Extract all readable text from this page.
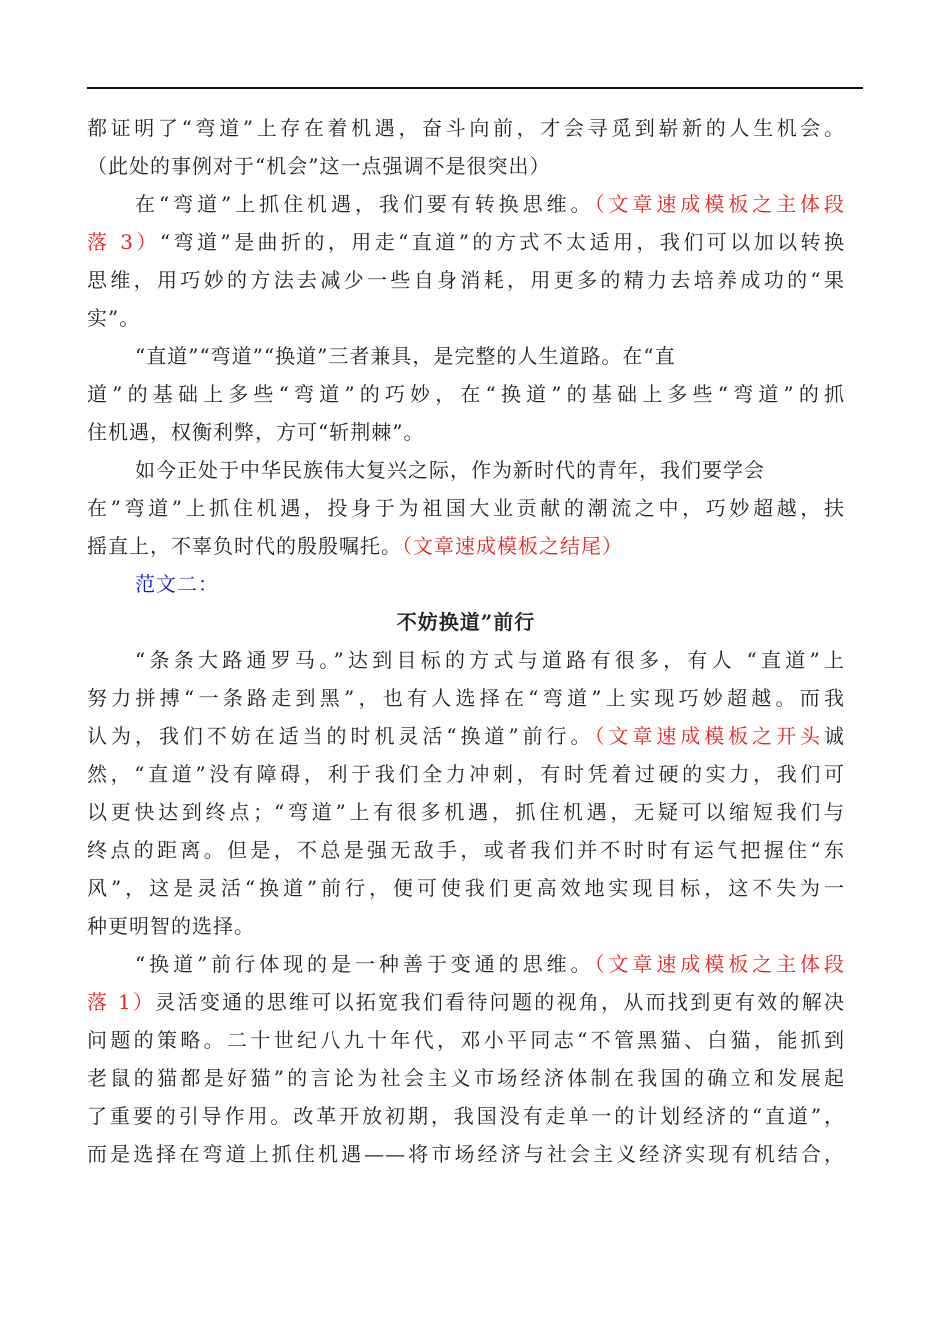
都证明了“弯道”上存在着机遇，奋斗向前，才会寻觅到崭新的人生机会。
（此处的事例对于“机会”这一点强调不是很突出）
在“弯道”上抓住机遇，我们要有转换思维。（文章速成模板之主体段
落 3）“弯道”是曲折的，用走“直道”的方式不太适用，我们可以加以转换
思维，用巧妙的方法去减少一些自身消耗，用更多的精力去培养成功的“果
实”。
“直道”“弯道”“换道”三者兼具，是完整的人生道路。在“直
道”的基础上多些“弯道”的巧妙，在“换道”的基础上多些“弯道”的抓
住机遇，权衡利弊，方可“斩荆棘”。
如今正处于中华民族伟大复兴之际，作为新时代的青年，我们要学会
在”弯道”上抓住机遇，投身于为祖国大业贡献的潮流之中，巧妙超越，扶
摇直上，不辜负时代的殷殷嘱托。（文章速成模板之结尾）
范文二：
不妨换道”前行
“条条大路通罗马。”达到目标的方式与道路有很多，有人 “直道”上
努力拼搏“一条路走到黑”，也有人选择在“弯道”上实现巧妙超越。而我
认为，我们不妨在适当的时机灵活“换道”前行。（文章速成模板之开头诚
然，“直道”没有障碍，利于我们全力冲刺，有时凭着过硬的实力，我们可
以更快达到终点；“弯道”上有很多机遇，抓住机遇，无疑可以缩短我们与
终点的距离。但是，不总是强无敌手，或者我们并不时时有运气把握住“东
风”，这是灵活“换道”前行，便可使我们更高效地实现目标，这不失为一
种更明智的选择。
“换道”前行体现的是一种善于变通的思维。（文章速成模板之主体段
落 1）灵活变通的思维可以拓宽我们看待问题的视角，从而找到更有效的解决
问题的策略。二十世纪八九十年代，邓小平同志“不管黑猫、白猫，能抓到
老鼠的猫都是好猫”的言论为社会主义市场经济体制在我国的确立和发展起
了重要的引导作用。改革开放初期，我国没有走单一的计划经济的“直道”，
而是选择在弯道上抓住机遇——将市场经济与社会主义经济实现有机结合，
